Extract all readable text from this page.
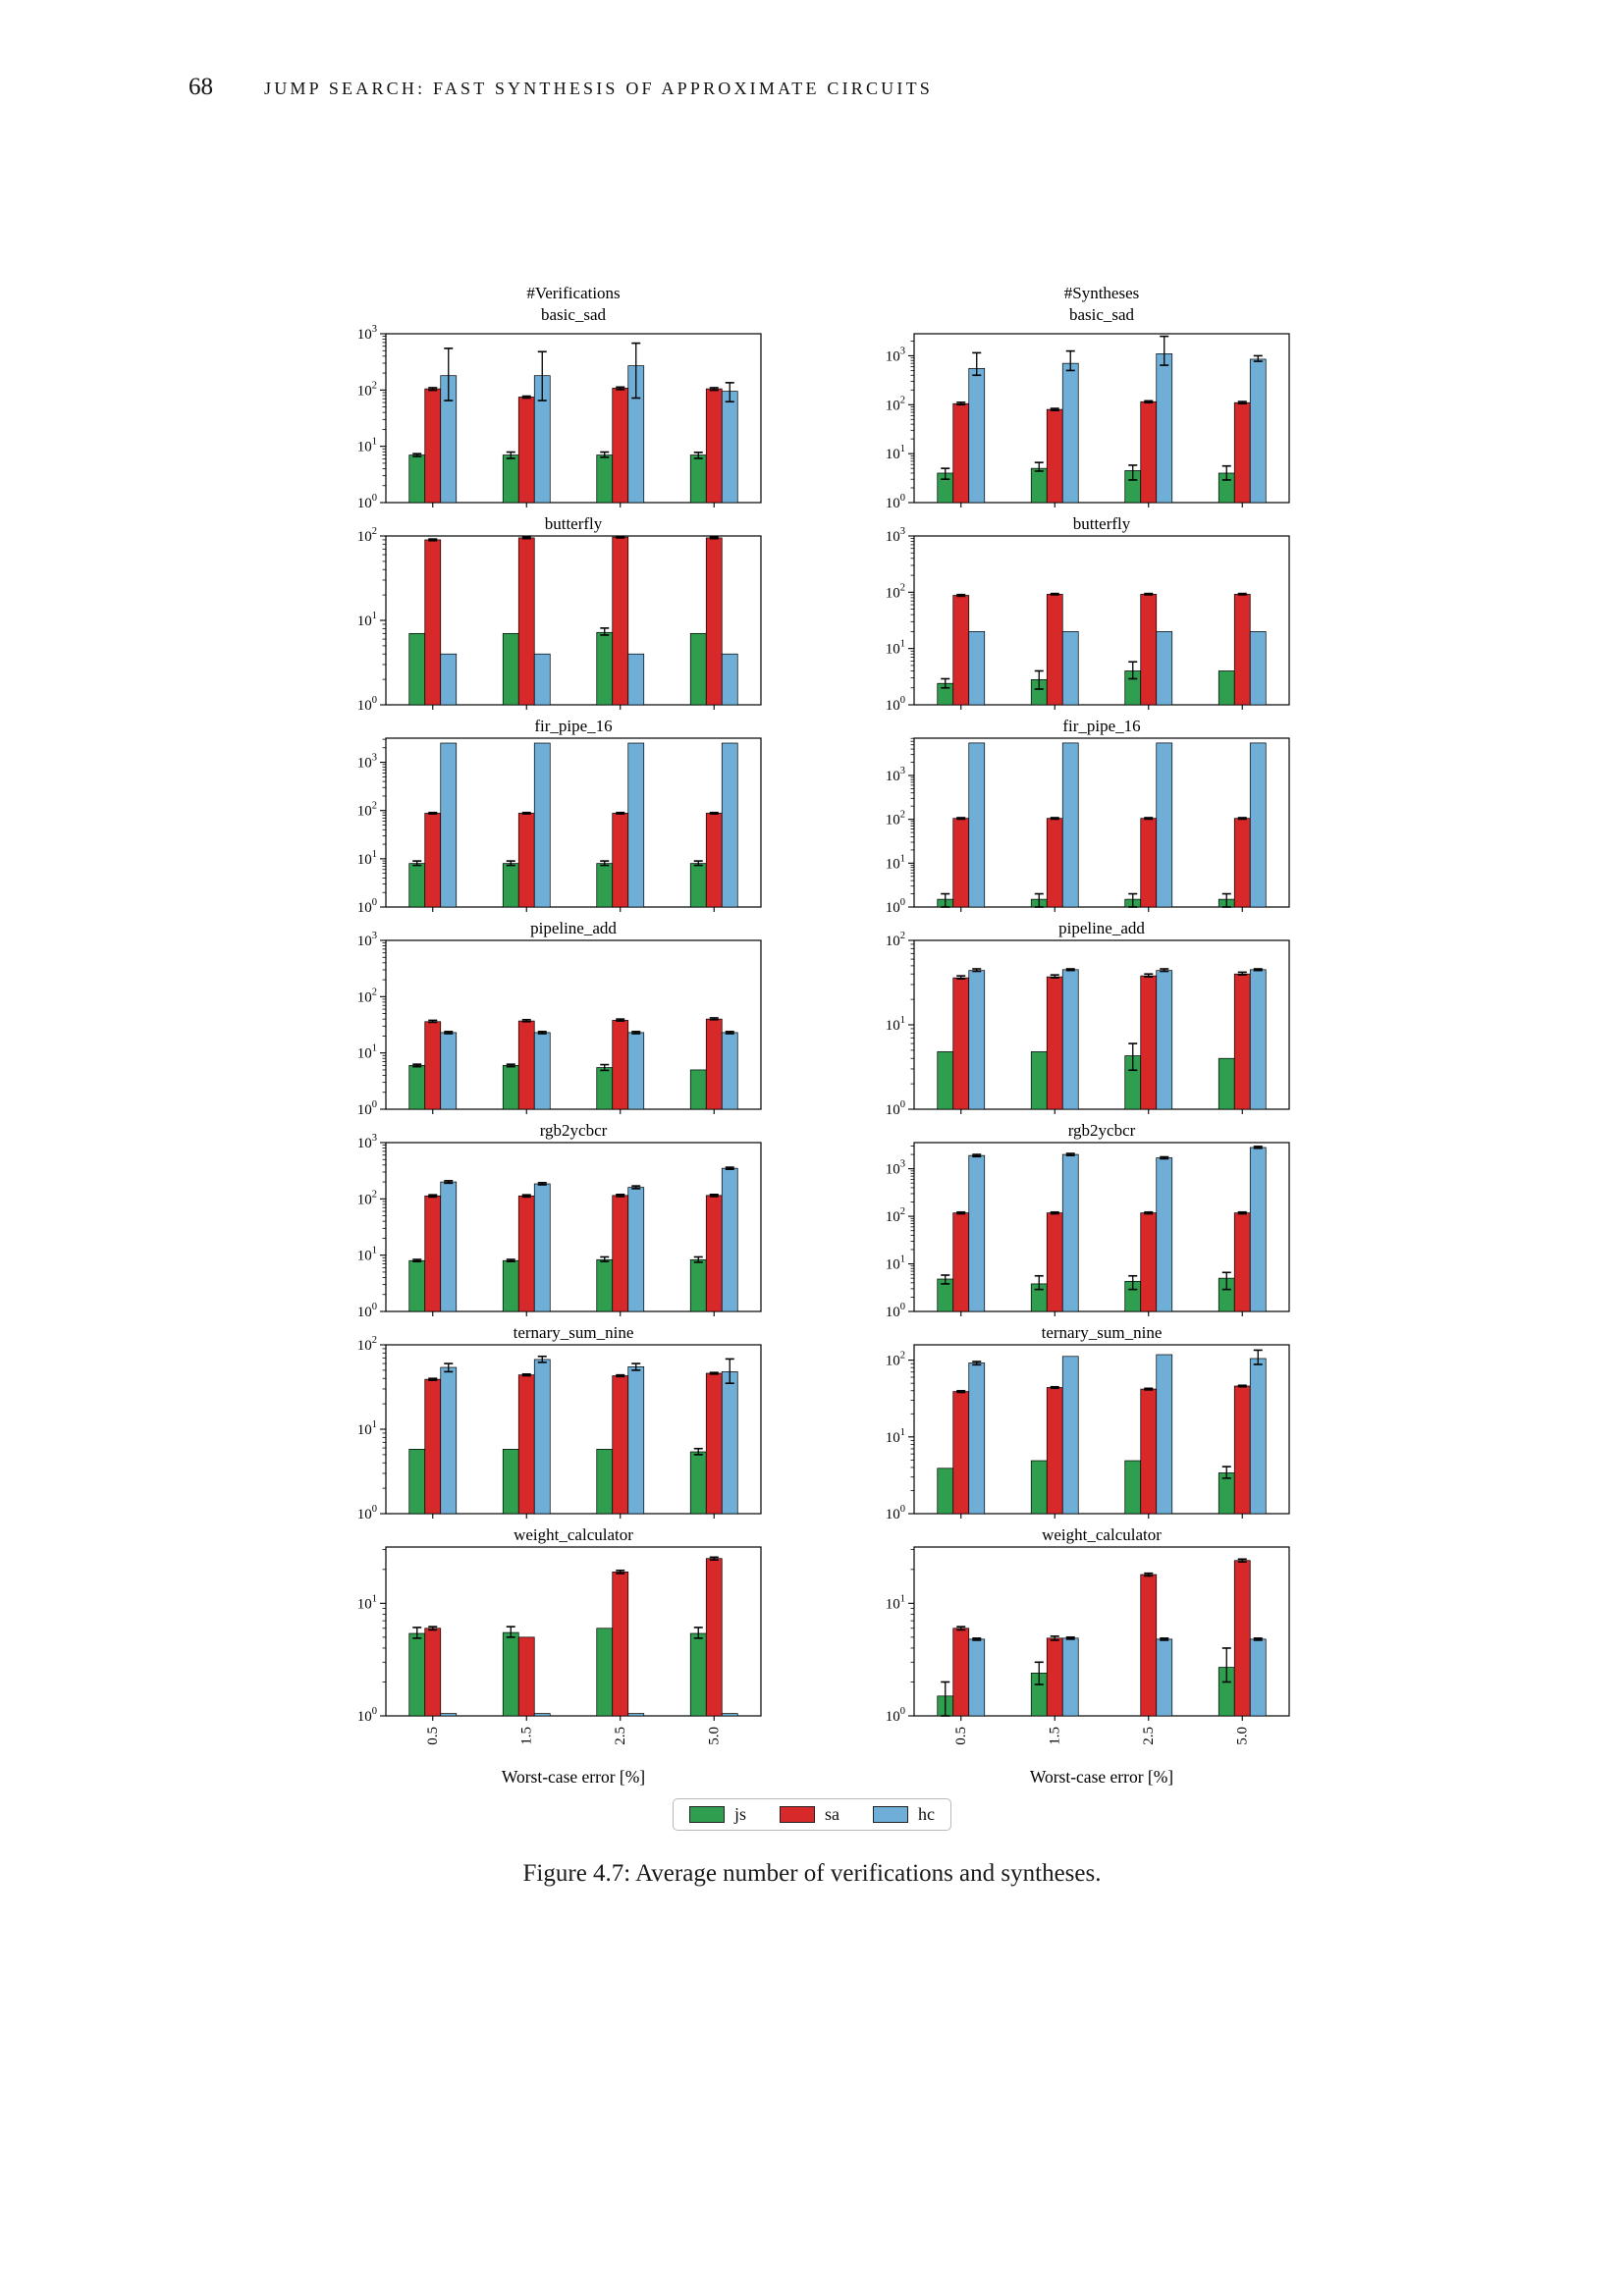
68	JUMP SEARCH: FAST SYNTHESIS OF APPROXIMATE CIRCUITS
#Verifications
basic_sad
$10^0$
$10^1$
$10^2$
$10^3$
#Syntheses
basic_sad
$10^0$
$10^1$
$10^2$
$10^3$
butterfly
$10^0$
$10^1$
$10^2$	butterfly
$10^0$
$10^1$
$10^2$
$10^3$
fir_pipe_16
$10^0$
$10^1$
$10^2$
$10^3$
fir_pipe_16
$10^0$
$10^1$
$10^2$
$10^3$
pipeline_add
$10^0$
$10^1$
$10^2$
$10^3$	pipeline_add
$10^0$
$10^1$
$10^2$
rgb2ycbcr
$10^0$
$10^1$
$10^2$
$10^3$	rgb2ycbcr
$10^0$
$10^1$
$10^2$
$10^3$
ternary_sum_nine
$10^0$
$10^1$
$10^2$	ternary_sum_nine
$10^0$
$10^1$
$10^2$
weight_calculator
$10^0$
$10^1$
0.5	1.5	2.5	5.0
Worst-case error [%]
weight_calculator
$10^0$
$10^1$
0.5	1.5	2.5	5.0
Worst-case error [%]
js	sa	hc
Figure 4.7: Average number of verifications and syntheses.
